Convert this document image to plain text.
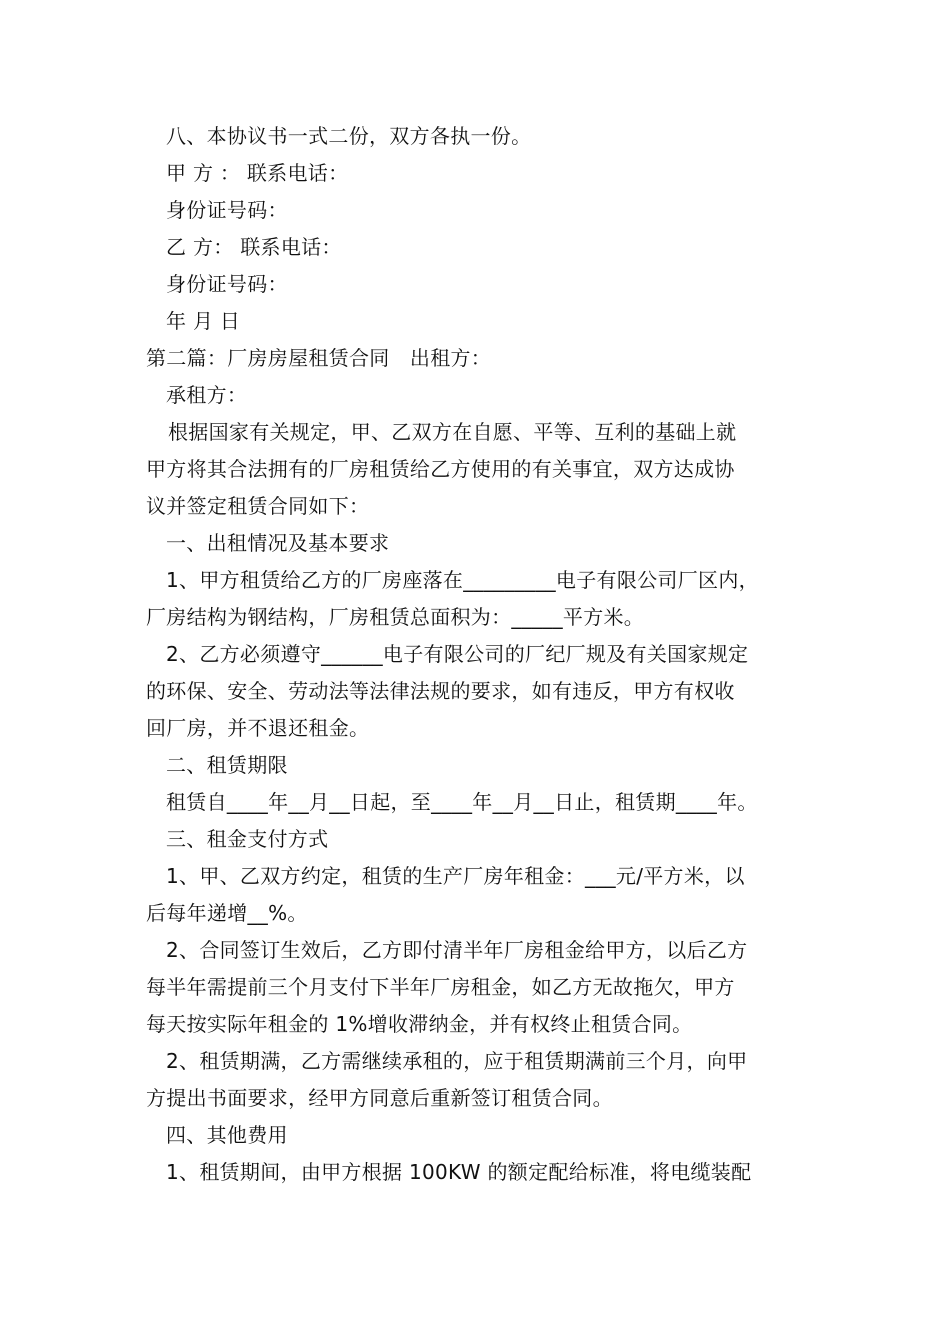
八、本协议书一式二份，双方各执一份。
甲 方 ： 联系电话：
身份证号码：
乙 方： 联系电话：
身份证号码：
年 月 日
第二篇：厂房房屋租赁合同　出租方：
承租方：
根据国家有关规定，甲、乙双方在自愿、平等、互利的基础上就
甲方将其合法拥有的厂房租赁给乙方使用的有关事宜，双方达成协
议并签定租赁合同如下：
一、出租情况及基本要求
1、甲方租赁给乙方的厂房座落在_________电子有限公司厂区内，
厂房结构为钢结构，厂房租赁总面积为：_____平方米。
2、乙方必须遵守______电子有限公司的厂纪厂规及有关国家规定
的环保、安全、劳动法等法律法规的要求，如有违反，甲方有权收
回厂房，并不退还租金。
二、租赁期限
租赁自____年__月__日起，至____年__月__日止，租赁期____年。
三、租金支付方式
1、甲、乙双方约定，租赁的生产厂房年租金：___元/平方米，以
后每年递增__%。
2、合同签订生效后，乙方即付清半年厂房租金给甲方，以后乙方
每半年需提前三个月支付下半年厂房租金，如乙方无故拖欠，甲方
每天按实际年租金的 1%增收滞纳金，并有权终止租赁合同。
2、租赁期满，乙方需继续承租的，应于租赁期满前三个月，向甲
方提出书面要求，经甲方同意后重新签订租赁合同。
四、其他费用
1、租赁期间，由甲方根据 100KW 的额定配给标准，将电缆装配
